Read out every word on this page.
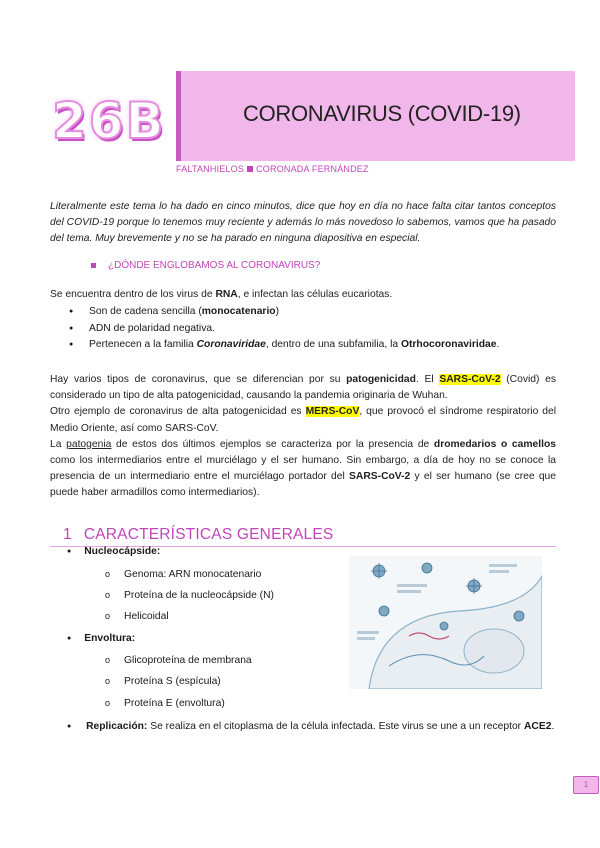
26B	CORONAVIRUS (COVID-19)
FALTANHIELOS CORONADA FERNÁNDEZ
Literalmente este tema lo ha dado en cinco minutos, dice que hoy en día no hace falta citar tantos conceptos del COVID-19 porque lo tenemos muy reciente y además lo más novedoso lo sabemos, vamos que ha pasado del tema. Muy brevemente y no se ha parado en ninguna diapositiva en especial.
¿DÓNDE ENGLOBAMOS AL CORONAVIRUS?
Se encuentra dentro de los virus de RNA, e infectan las células eucariotas.
● Son de cadena sencilla (monocatenario)
● ADN de polaridad negativa.
● Pertenecen a la familia Coronaviridae, dentro de una subfamilia, la Otrhocoronaviridae.
Hay varios tipos de coronavirus, que se diferencian por su patogenicidad. El SARS-CoV-2 (Covid) es considerado un tipo de alta patogenicidad, causando la pandemia originaria de Wuhan.
Otro ejemplo de coronavirus de alta patogenicidad es MERS-CoV, que provocó el síndrome respiratorio del Medio Oriente, así como SARS-CoV.
La patogenia de estos dos últimos ejemplos se caracteriza por la presencia de dromedarios o camellos como los intermediarios entre el murciélago y el ser humano. Sin embargo, a día de hoy no se conoce la presencia de un intermediario entre el murciélago portador del SARS-CoV-2 y el ser humano (se cree que puede haber armadillos como intermediarios).
1 CARACTERÍSTICAS GENERALES
● Nucleocápside:
o Genoma: ARN monocatenario
o Proteína de la nucleocápside (N)
o Helicoidal
● Envoltura:
o Glicoproteína de membrana
o Proteína S (espícula)
o Proteína E (envoltura)
● Replicación: Se realiza en el citoplasma de la célula infectada. Este virus se une a un receptor ACE2.
1
